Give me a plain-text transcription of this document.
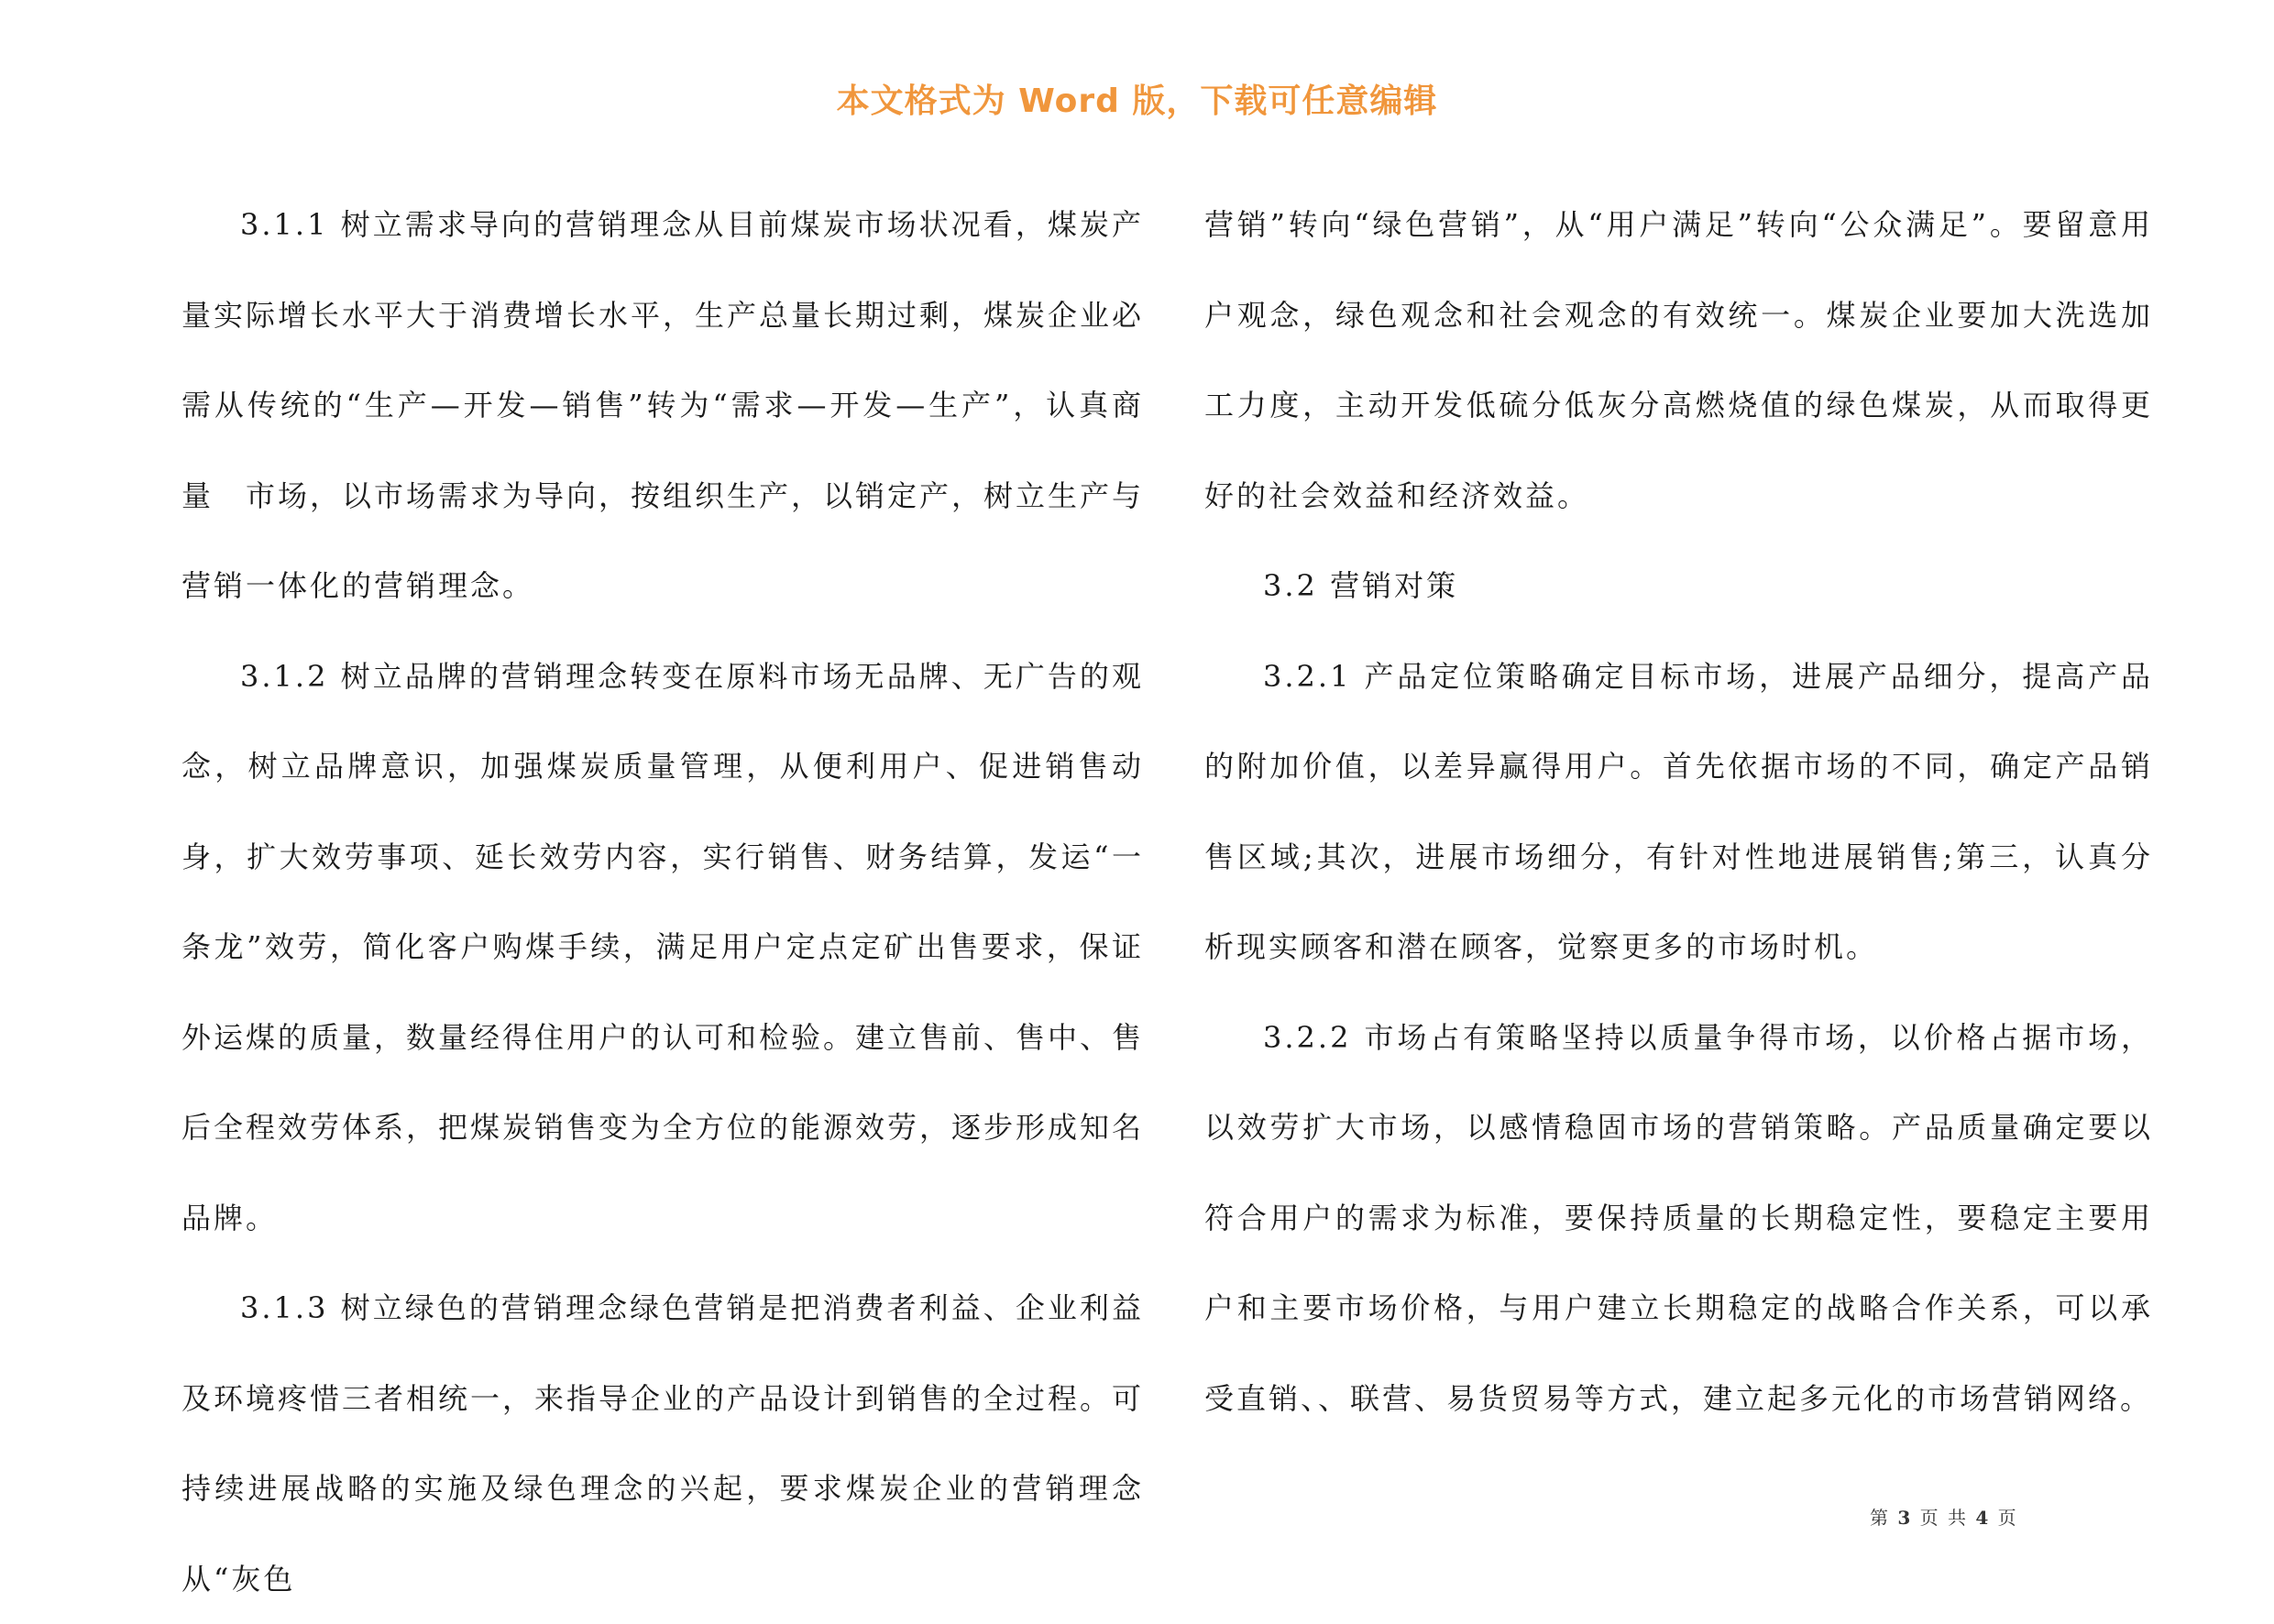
本文格式为 Word 版，下载可任意编辑

3.1.1 树立需求导向的营销理念从目前煤炭市场状况看，煤炭产量实际增长水平大于消费增长水平，生产总量长期过剩，煤炭企业必需从传统的“生产—开发—销售”转为“需求—开发—生产”，认真商量　市场，以市场需求为导向，按组织生产，以销定产，树立生产与营销一体化的营销理念。

3.1.2 树立品牌的营销理念转变在原料市场无品牌、无广告的观念，树立品牌意识，加强煤炭质量管理，从便利用户、促进销售动身，扩大效劳事项、延长效劳内容，实行销售、财务结算，发运“一条龙”效劳，简化客户购煤手续，满足用户定点定矿出售要求，保证外运煤的质量，数量经得住用户的认可和检验。建立售前、售中、售后全程效劳体系，把煤炭销售变为全方位的能源效劳，逐步形成知名品牌。

3.1.3 树立绿色的营销理念绿色营销是把消费者利益、企业利益及环境疼惜三者相统一，来指导企业的产品设计到销售的全过程。可持续进展战略的实施及绿色理念的兴起，要求煤炭企业的营销理念从“灰色

营销”转向“绿色营销”，从“用户满足”转向“公众满足”。要留意用户观念，绿色观念和社会观念的有效统一。煤炭企业要加大洗选加工力度，主动开发低硫分低灰分高燃烧值的绿色煤炭，从而取得更好的社会效益和经济效益。

3.2 营销对策

3.2.1 产品定位策略确定目标市场，进展产品细分，提高产品的附加价值，以差异赢得用户。首先依据市场的不同，确定产品销售区域;其次，进展市场细分，有针对性地进展销售;第三，认真分析现实顾客和潜在顾客，觉察更多的市场时机。

3.2.2 市场占有策略坚持以质量争得市场，以价格占据市场，以效劳扩大市场，以感情稳固市场的营销策略。产品质量确定要以符合用户的需求为标准，要保持质量的长期稳定性，要稳定主要用户和主要市场价格，与用户建立长期稳定的战略合作关系，可以承受直销、、联营、易货贸易等方式，建立起多元化的市场营销网络。

第 3 页 共 4 页
